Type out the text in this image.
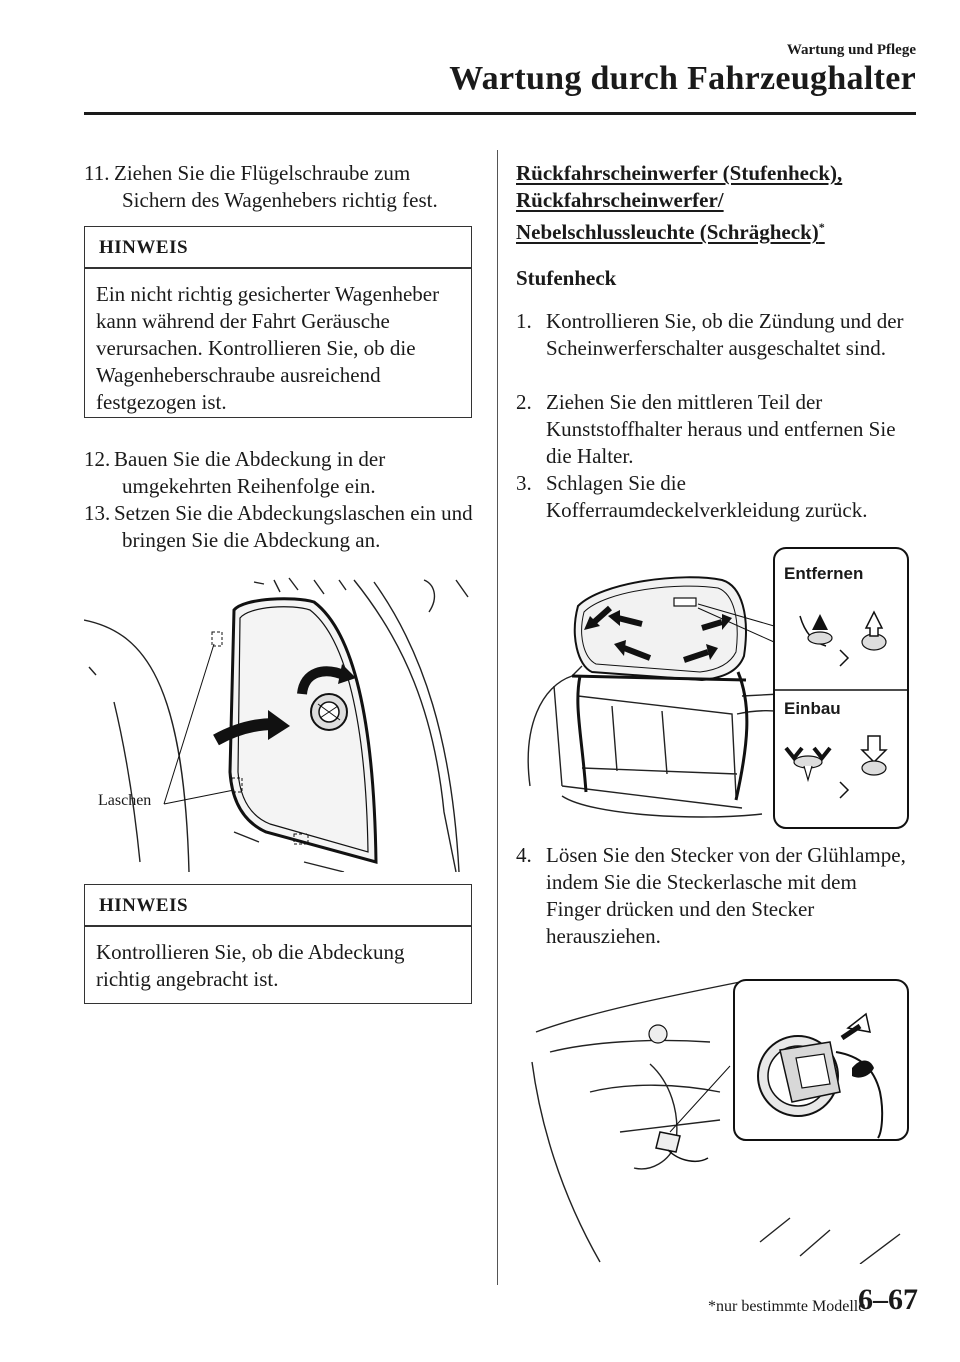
Wartung und Pflege
Wartung durch Fahrzeughalter
11. Ziehen Sie die Flügelschraube zum Sichern des Wagenhebers richtig fest.
HINWEIS
Ein nicht richtig gesicherter Wagenheber kann während der Fahrt Geräusche verursachen. Kontrollieren Sie, ob die Wagenheberschraube ausreichend festgezogen ist.
12. Bauen Sie die Abdeckung in der umgekehrten Reihenfolge ein.
13. Setzen Sie die Abdeckungslaschen ein und bringen Sie die Abdeckung an.
Laschen
HINWEIS
Kontrollieren Sie, ob die Abdeckung richtig angebracht ist.
Rückfahrscheinwerfer (Stufenheck),
Rückfahrscheinwerfer/
Nebelschlussleuchte (Schrägheck)*
Stufenheck
1. Kontrollieren Sie, ob die Zündung und der Scheinwerferschalter ausgeschaltet sind.
2. Ziehen Sie den mittleren Teil der Kunststoffhalter heraus und entfernen Sie die Halter.
3. Schlagen Sie die Kofferraumdeckelverkleidung zurück.
Entfernen
Einbau
4. Lösen Sie den Stecker von der Glühlampe, indem Sie die Steckerlasche mit dem Finger drücken und den Stecker herausziehen.
*nur bestimmte Modelle
6–67
